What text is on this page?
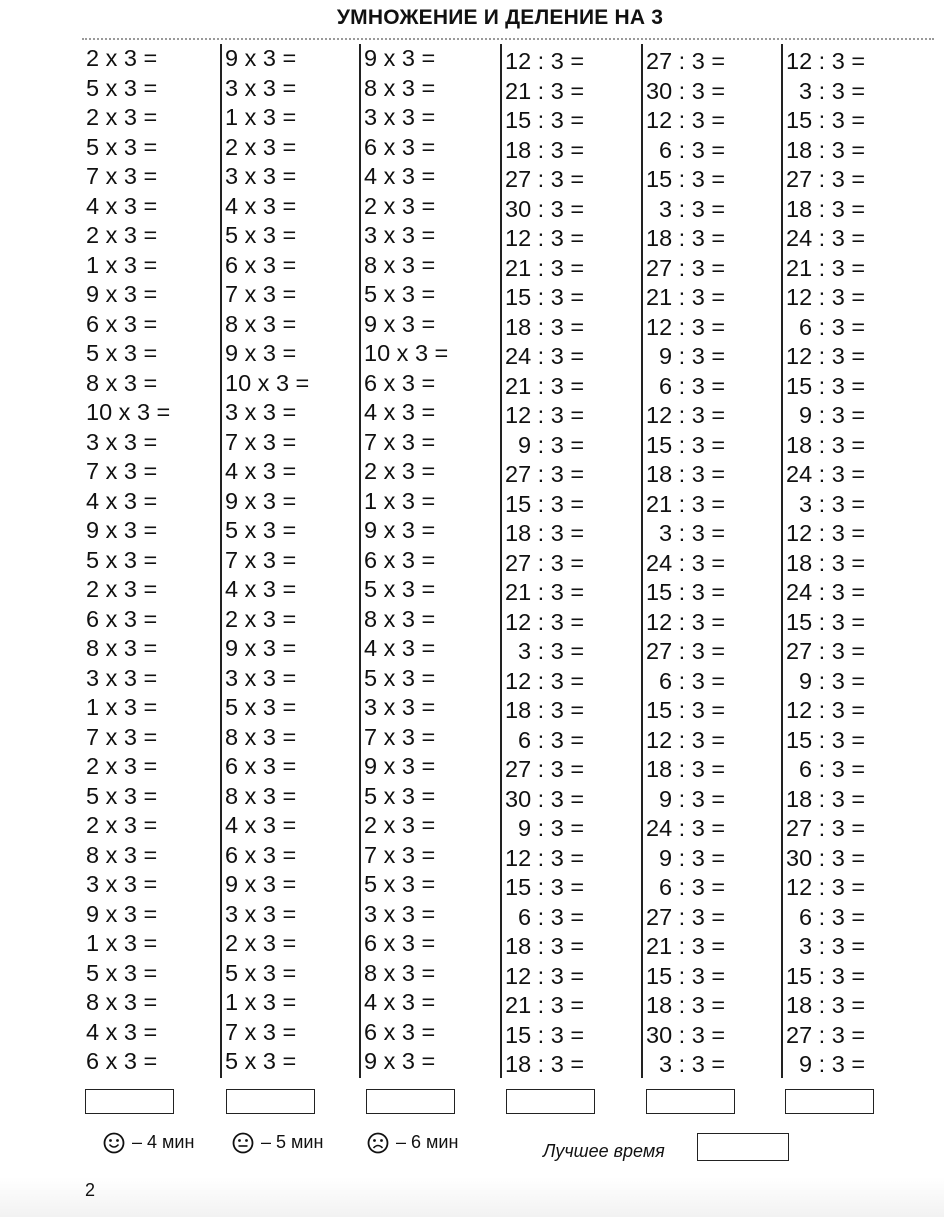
УМНОЖЕНИЕ И ДЕЛЕНИЕ НА 3
2 x 3 =
5 x 3 =
2 x 3 =
5 x 3 =
7 x 3 =
4 x 3 =
2 x 3 =
1 x 3 =
9 x 3 =
6 x 3 =
5 x 3 =
8 x 3 =
10 x 3 =
3 x 3 =
7 x 3 =
4 x 3 =
9 x 3 =
5 x 3 =
2 x 3 =
6 x 3 =
8 x 3 =
3 x 3 =
1 x 3 =
7 x 3 =
2 x 3 =
5 x 3 =
2 x 3 =
8 x 3 =
3 x 3 =
9 x 3 =
1 x 3 =
5 x 3 =
8 x 3 =
4 x 3 =
6 x 3 =
9 x 3 =
3 x 3 =
1 x 3 =
2 x 3 =
3 x 3 =
4 x 3 =
5 x 3 =
6 x 3 =
7 x 3 =
8 x 3 =
9 x 3 =
10 x 3 =
3 x 3 =
7 x 3 =
4 x 3 =
9 x 3 =
5 x 3 =
7 x 3 =
4 x 3 =
2 x 3 =
9 x 3 =
3 x 3 =
5 x 3 =
8 x 3 =
6 x 3 =
8 x 3 =
4 x 3 =
6 x 3 =
9 x 3 =
3 x 3 =
2 x 3 =
5 x 3 =
1 x 3 =
7 x 3 =
5 x 3 =
9 x 3 =
8 x 3 =
3 x 3 =
6 x 3 =
4 x 3 =
2 x 3 =
3 x 3 =
8 x 3 =
5 x 3 =
9 x 3 =
10 x 3 =
6 x 3 =
4 x 3 =
7 x 3 =
2 x 3 =
1 x 3 =
9 x 3 =
6 x 3 =
5 x 3 =
8 x 3 =
4 x 3 =
5 x 3 =
3 x 3 =
7 x 3 =
9 x 3 =
5 x 3 =
2 x 3 =
7 x 3 =
5 x 3 =
3 x 3 =
6 x 3 =
8 x 3 =
4 x 3 =
6 x 3 =
9 x 3 =
12 : 3 =
21 : 3 =
15 : 3 =
18 : 3 =
27 : 3 =
30 : 3 =
12 : 3 =
21 : 3 =
15 : 3 =
18 : 3 =
24 : 3 =
21 : 3 =
12 : 3 =
9 : 3 =
27 : 3 =
15 : 3 =
18 : 3 =
27 : 3 =
21 : 3 =
12 : 3 =
3 : 3 =
12 : 3 =
18 : 3 =
6 : 3 =
27 : 3 =
30 : 3 =
9 : 3 =
12 : 3 =
15 : 3 =
6 : 3 =
18 : 3 =
12 : 3 =
21 : 3 =
15 : 3 =
18 : 3 =
27 : 3 =
30 : 3 =
12 : 3 =
6 : 3 =
15 : 3 =
3 : 3 =
18 : 3 =
27 : 3 =
21 : 3 =
12 : 3 =
9 : 3 =
6 : 3 =
12 : 3 =
15 : 3 =
18 : 3 =
21 : 3 =
3 : 3 =
24 : 3 =
15 : 3 =
12 : 3 =
27 : 3 =
6 : 3 =
15 : 3 =
12 : 3 =
18 : 3 =
9 : 3 =
24 : 3 =
9 : 3 =
6 : 3 =
27 : 3 =
21 : 3 =
15 : 3 =
18 : 3 =
30 : 3 =
3 : 3 =
12 : 3 =
3 : 3 =
15 : 3 =
18 : 3 =
27 : 3 =
18 : 3 =
24 : 3 =
21 : 3 =
12 : 3 =
6 : 3 =
12 : 3 =
15 : 3 =
9 : 3 =
18 : 3 =
24 : 3 =
3 : 3 =
12 : 3 =
18 : 3 =
24 : 3 =
15 : 3 =
27 : 3 =
9 : 3 =
12 : 3 =
15 : 3 =
6 : 3 =
18 : 3 =
27 : 3 =
30 : 3 =
12 : 3 =
6 : 3 =
3 : 3 =
15 : 3 =
18 : 3 =
27 : 3 =
9 : 3 =
– 4 мин	– 5 мин	– 6 мин	Лучшее время
2
